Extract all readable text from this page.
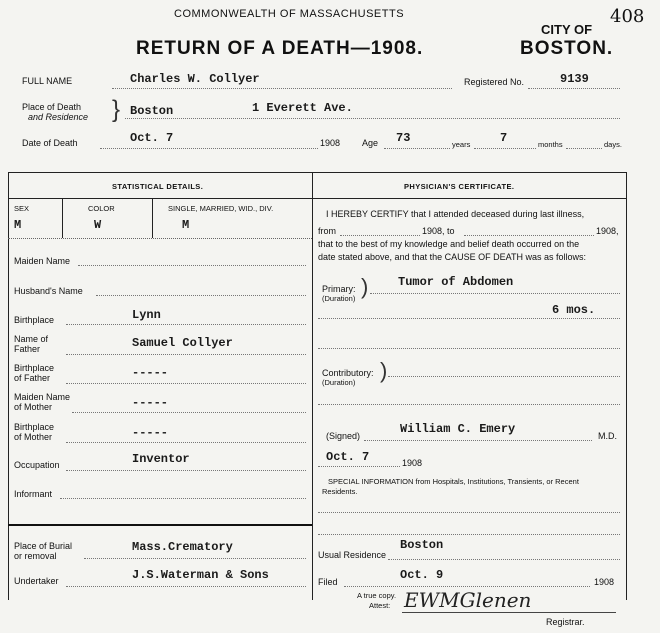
COMMONWEALTH OF MASSACHUSETTS	408
RETURN OF A DEATH—1908.
CITY OF
BOSTON.
FULL NAME	Charles W. Collyer	Registered No.	9139
Place of Death
and Residence } Boston	1 Everett Ave.
Date of Death	Oct. 7	1908 Age 73	years 7	months	days.
STATISTICAL DETAILS.
SEX	COLOR	SINGLE, MARRIED, WID., DIV.
M	W	M
Maiden Name
Husband's Name
Birthplace	Lynn
Name of
Father	Samuel Collyer
Birthplace
of Father	-----
Maiden Name
of Mother	-----
Birthplace
of Mother	-----
Occupation	Inventor
Informant
Place of Burial
or removal
Mass.Crematory
Undertaker	J.S.Waterman & Sons
PHYSICIAN'S CERTIFICATE.
I HEREBY CERTIFY that I attended deceased during last illness,
from	1908, to	1908,
that to the best of my knowledge and belief death occurred on the
date stated above, and that the CAUSE OF DEATH was as follows:
Primary:
(Duration) ) Tumor of Abdomen
6 mos.
Contributory:
(Duration) )
(Signed)	William C. Emery	M.D.
Oct. 7	1908
SPECIAL INFORMATION from Hospitals, Institutions, Transients, or Recent
Residents.
Usual Residence
Boston
Filed	Oct. 9	1908
A true copy.
Attest: EWMGlenen
Registrar.
